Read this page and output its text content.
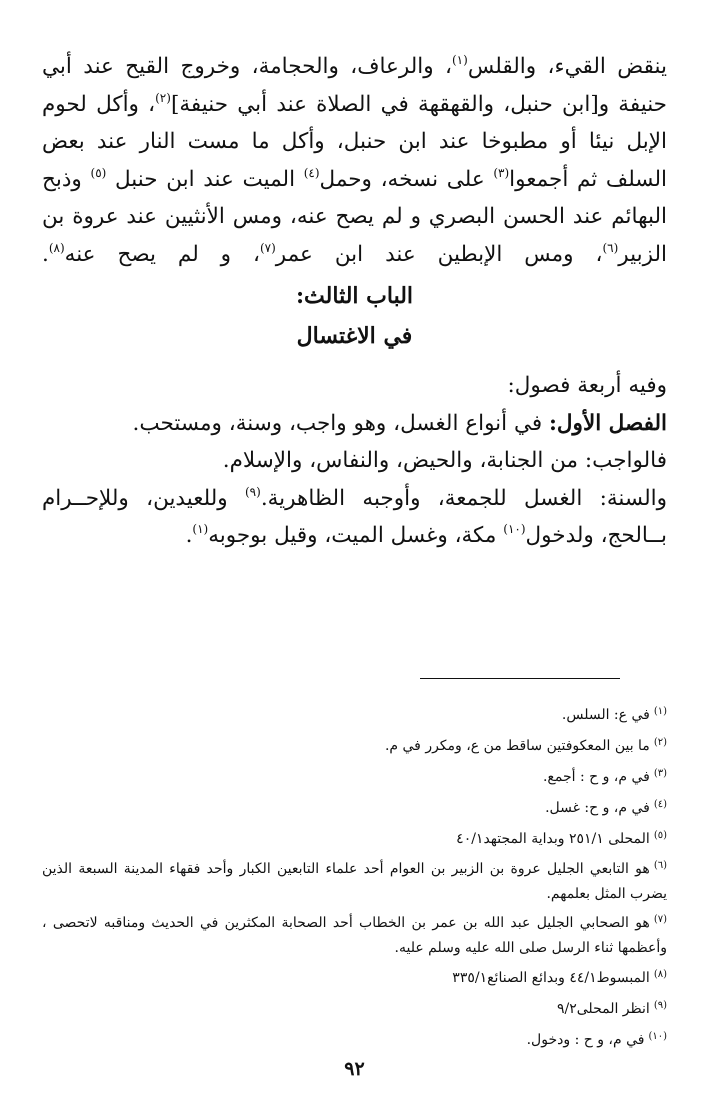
ينقض القيء، والقلس$^{(١)}$، والرعاف، والحجامة، وخروج القيح عند أبي حنيفة و[ابن حنبل، والقهقهة في الصلاة عند أبي حنيفة]$^{(٢)}$، وأكل لحوم الإبل نيئا أو مطبوخا عند ابن حنبل، وأكل ما مست النار عند بعض السلف ثم أجمعوا$^{(٣)}$ على نسخه، وحمل$^{(٤)}$ الميت عند ابن حنبل $^{(٥)}$ وذبح البهائم عند الحسن البصري و لم يصح عنه، ومس الأنثيين عند عروة بن الزبير$^{(٦)}$، ومس الإبطين عند ابن عمر$^{(٧)}$، و لم يصح عنه$^{(٨)}$.

الباب الثالث:
في الاغتسال

وفيه أربعة فصول:

الفصل الأول: في أنواع الغسل، وهو واجب، وسنة، ومستحب.

فالواجب: من الجنابة، والحيض، والنفاس، والإسلام.

والسنة: الغسل للجمعة، وأوجبه الظاهرية.$^{(٩)}$ وللعيدين، وللإحــرام بــالحج، ولدخول$^{(١٠)}$ مكة، وغسل الميت، وقيل بوجوبه$^{(١)}$.

$^{(١)}$في ع: السلس.

$^{(٢)}$ما بين المعكوفتين ساقط من ع، ومكرر في م.

$^{(٣)}$في م، و ح : أجمع.

$^{(٤)}$في م، و ح: غسل.

$^{(٥)}$المحلى ٢٥١/١ وبداية المجتهد٤٠/١

$^{(٦)}$هو التابعي الجليل عروة بن الزبير بن العوام أحد علماء التابعين الكبار وأحد فقهاء المدينة السبعة الذين يضرب المثل بعلمهم.

$^{(٧)}$هو الصحابي الجليل عبد الله بن عمر بن الخطاب أحد الصحابة المكثرين في الحديث ومناقبه لاتحصى ، وأعظمها ثناء الرسل صلى الله عليه وسلم عليه.

$^{(٨)}$المبسوط٤٤/١ وبدائع الصنائع٣٣٥/١

$^{(٩)}$انظر المحلى٩/٢

$^{(١٠)}$في م، و ح : ودخول.

٩٢
